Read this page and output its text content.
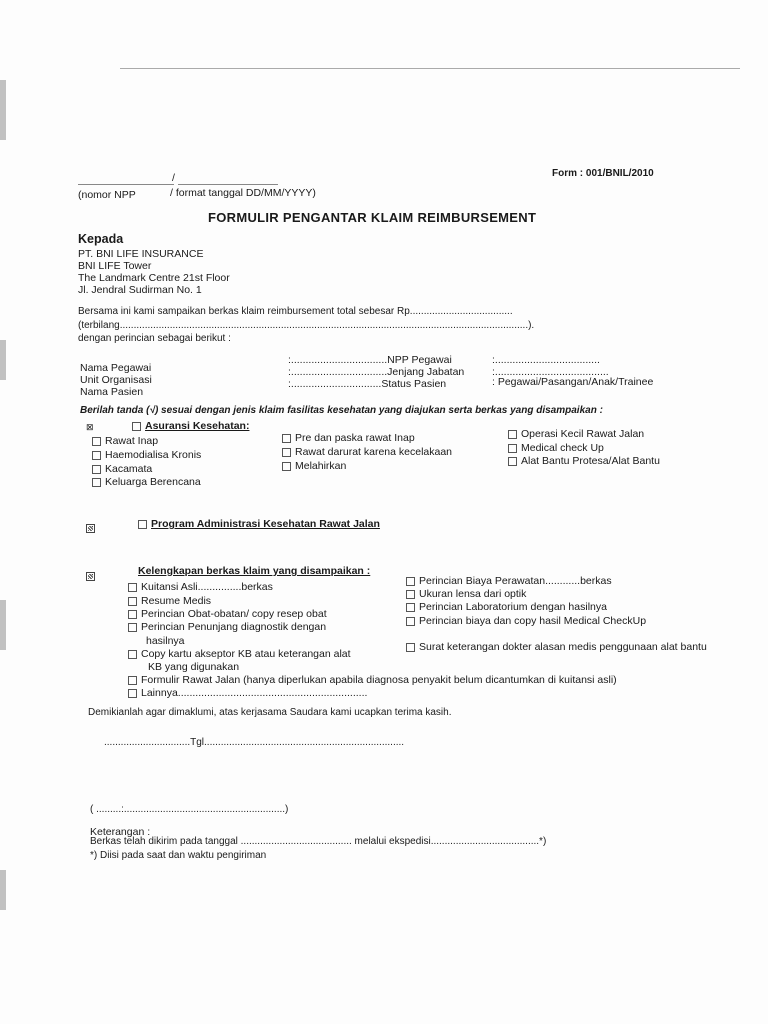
Form : 001/BNIL/2010
/
(nomor NPP	/ format tanggal DD/MM/YYYY)
FORMULIR PENGANTAR KLAIM REIMBURSEMENT
Kepada
PT. BNI LIFE INSURANCE
BNI LIFE Tower
The Landmark Centre 21st Floor
Jl. Jendral Sudirman No. 1
Bersama ini kami sampaikan berkas klaim reimbursement total sebesar Rp.....................................
(terbilang...................................................................................................................................................).
dengan perincian sebagai berikut :
Nama Pegawai
Unit Organisasi
Nama Pasien
:.................................NPP Pegawai
:.................................Jenjang Jabatan
:...............................Status Pasien
:....................................
:.......................................
: Pegawai/Pasangan/Anak/Trainee
Berilah tanda (√) sesuai dengan jenis klaim fasilitas kesehatan yang diajukan serta berkas yang disampaikan :
⊠	Asuransi Kesehatan:
Rawat Inap
Haemodialisa Kronis
Kacamata
Keluarga Berencana
Pre dan paska rawat Inap
Rawat darurat karena kecelakaan
Melahirkan
Operasi Kecil Rawat Jalan
Medical check Up
Alat Bantu Protesa/Alat Bantu
Program Administrasi Kesehatan Rawat Jalan
Kelengkapan berkas klaim yang disampaikan :
Kuitansi Asli...............berkas
Resume Medis
Perincian Obat-obatan/ copy resep obat
Perincian Penunjang diagnostik dengan
hasilnya
Copy kartu akseptor KB atau keterangan alat
KB yang digunakan
Perincian Biaya Perawatan............berkas
Ukuran lensa dari optik
Perincian Laboratorium dengan hasilnya
Perincian biaya dan copy hasil Medical CheckUp
Surat keterangan dokter alasan medis penggunaan alat bantu
Formulir Rawat Jalan (hanya diperlukan apabila diagnosa penyakit belum dicantumkan di kuitansi asli)
Lainnya.................................................................
Demikianlah agar dimaklumi, atas kerjasama Saudara kami ucapkan terima kasih.
...............................Tgl........................................................................
( .........:..........................................................)
Keterangan :
Berkas telah dikirim pada tanggal ........................................ melalui ekspedisi.......................................*)
*) Diisi pada saat dan waktu pengiriman
